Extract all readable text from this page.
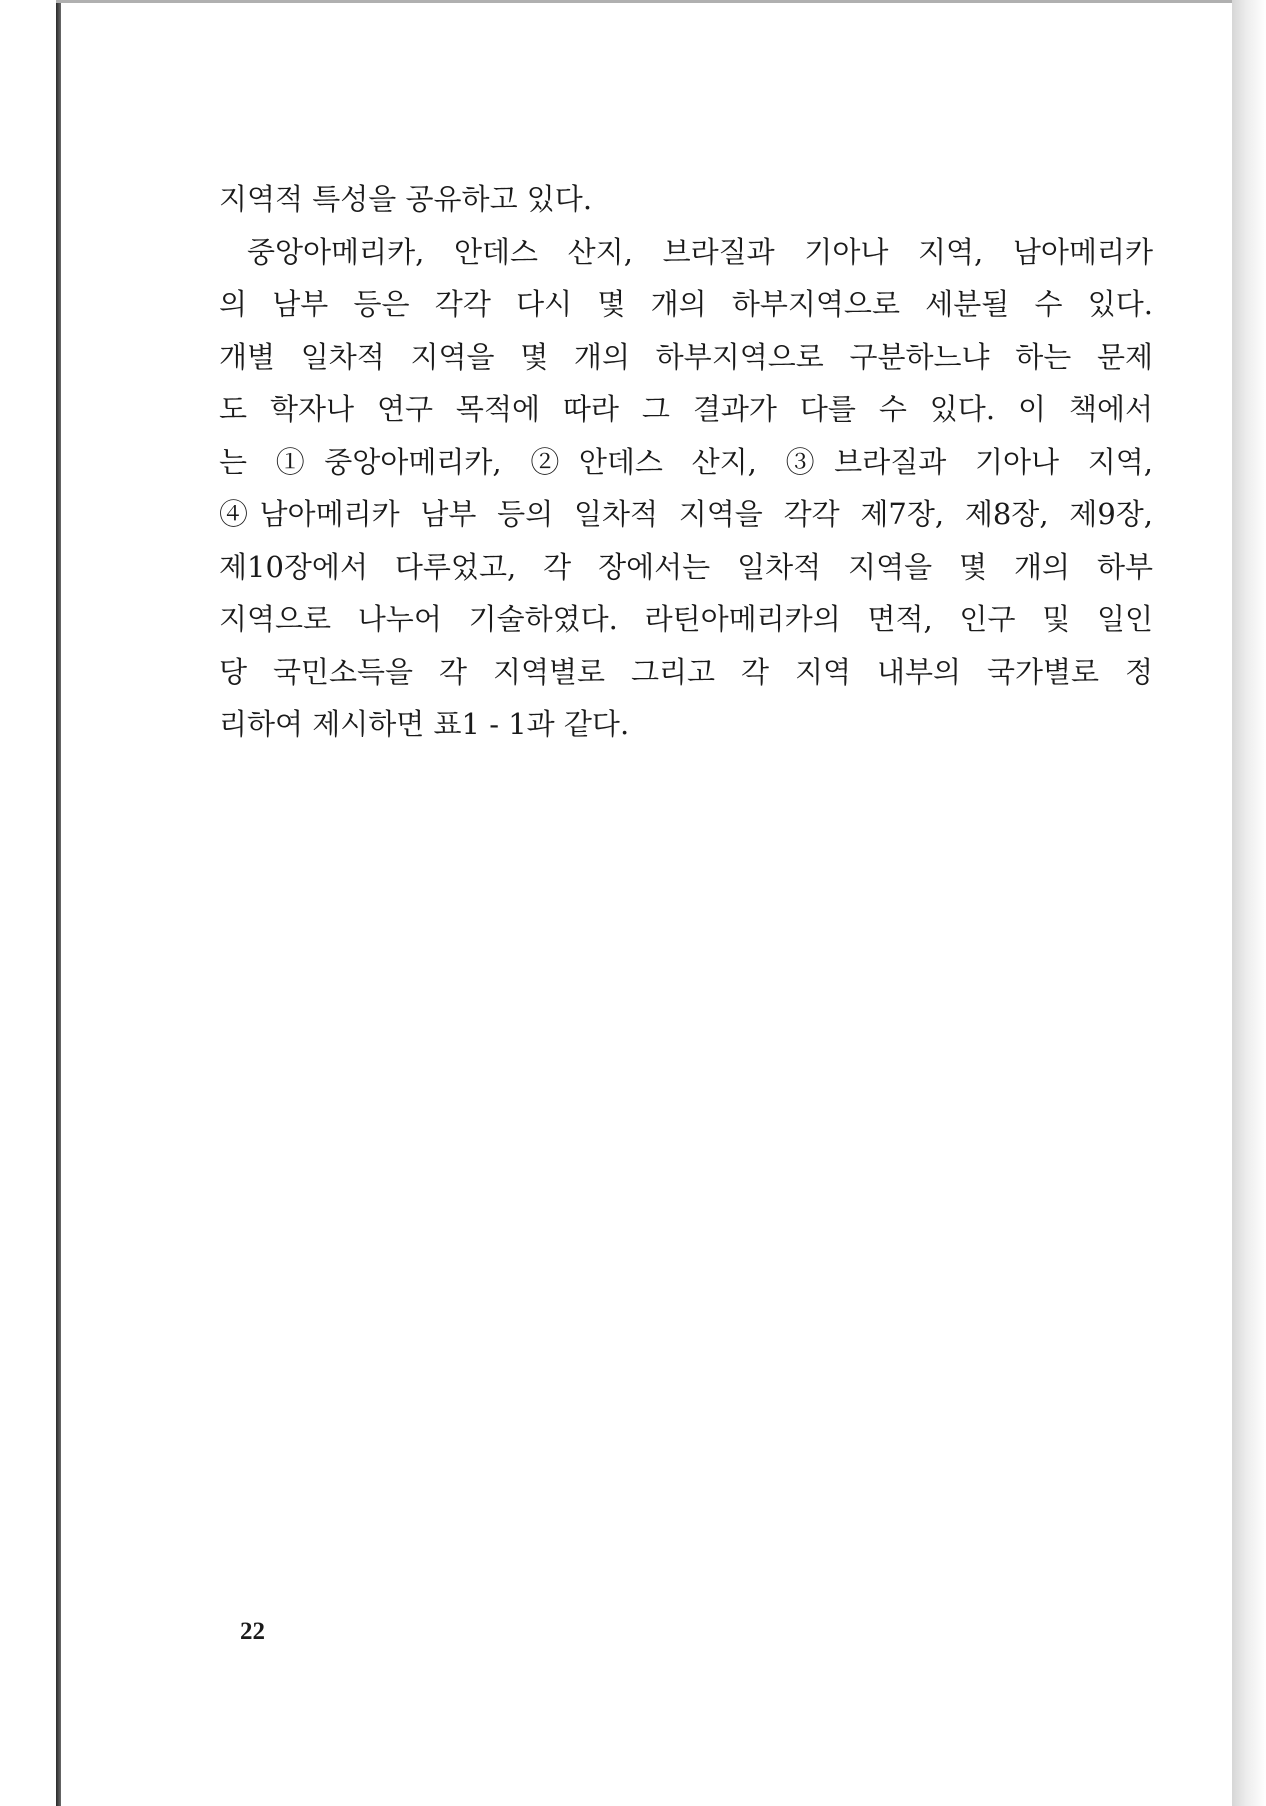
지역적 특성을 공유하고 있다.
중앙아메리카, 안데스 산지, 브라질과 기아나 지역, 남아메리카
의 남부 등은 각각 다시 몇 개의 하부지역으로 세분될 수 있다.
개별 일차적 지역을 몇 개의 하부지역으로 구분하느냐 하는 문제
도 학자나 연구 목적에 따라 그 결과가 다를 수 있다. 이 책에서
는 ①중앙아메리카, ②안데스 산지, ③브라질과 기아나 지역,
④남아메리카 남부 등의 일차적 지역을 각각 제7장, 제8장, 제9장,
제10장에서 다루었고, 각 장에서는 일차적 지역을 몇 개의 하부
지역으로 나누어 기술하였다. 라틴아메리카의 면적, 인구 및 일인
당 국민소득을 각 지역별로 그리고 각 지역 내부의 국가별로 정
리하여 제시하면 표1 - 1과 같다.
22
